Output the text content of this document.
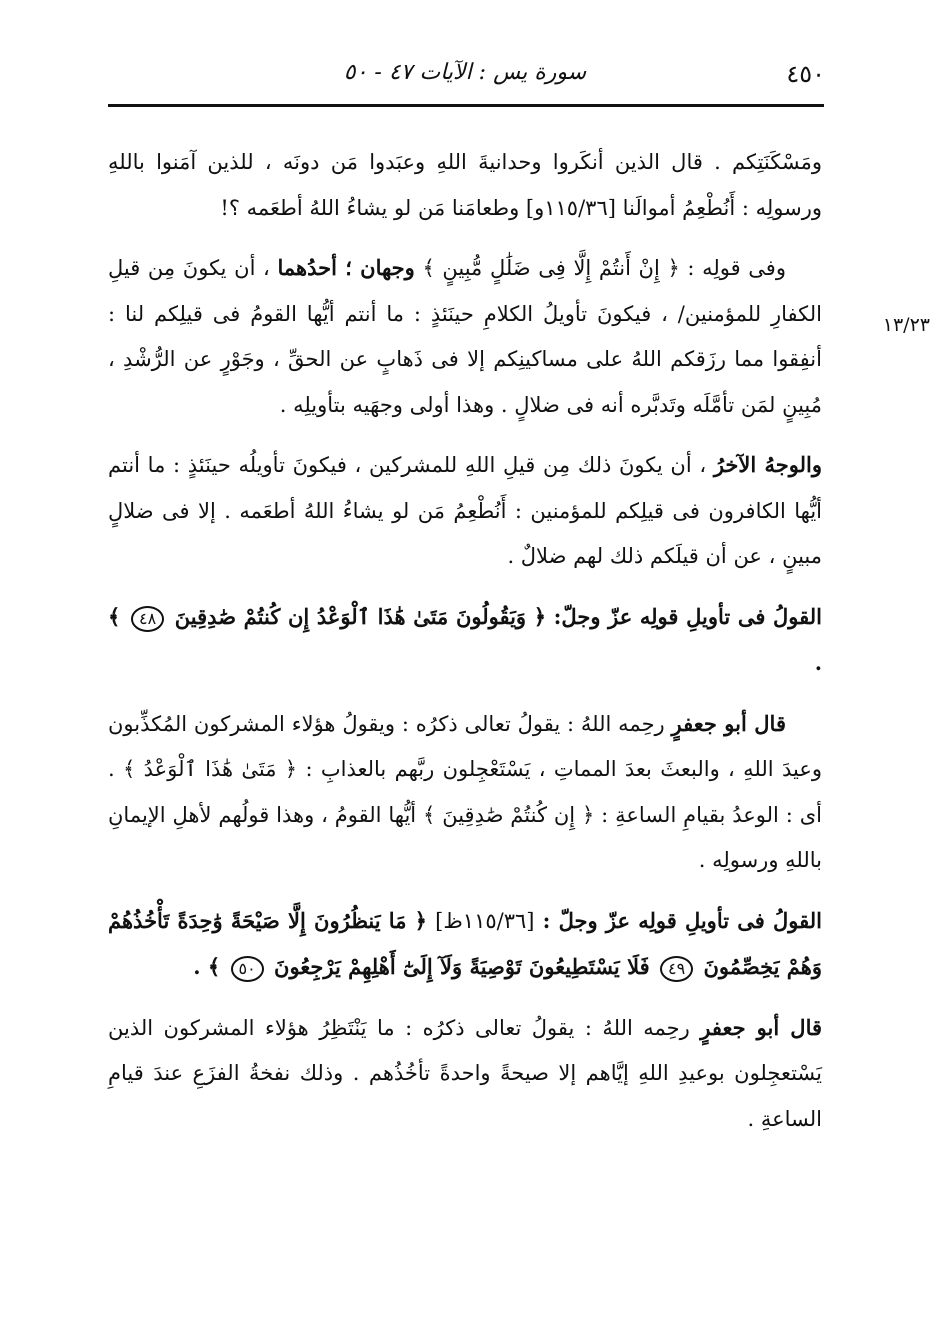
٤٥٠
سورة يس : الآيات ٤٧ - ٥٠
١٣/٢٣

ومَسْكَنَتِكم . قال الذين أنكَروا وحدانيةَ اللهِ وعبَدوا مَن دونَه ، للذين آمَنوا باللهِ ورسولِه : أَنُطْعِمُ أموالَنا [١١٥/٣٦و] وطعامَنا مَن لو يشاءُ اللهُ أطعَمه ؟!

وفى قولِه : ﴿ إِنْ أَنتُمْ إِلَّا فِى ضَلَٰلٍ مُّبِينٍ ﴾ وجهان ؛ أحدُهما ، أن يكونَ مِن قيلِ الكفارِ للمؤمنين/ ، فيكونَ تأويلُ الكلامِ حينَئذٍ : ما أنتم أيُّها القومُ فى قيلِكم لنا : أنفِقوا مما رزَقكم اللهُ على مساكينِكم إلا فى ذَهابٍ عن الحقِّ ، وجَوْرٍ عن الرُّشْدِ ، مُبِينٍ لمَن تأمَّلَه وتَدبَّره أنه فى ضلالٍ . وهذا أولى وجهَيه بتأويلِه .

والوجهُ الآخرُ ، أن يكونَ ذلك مِن قيلِ اللهِ للمشركين ، فيكونَ تأويلُه حينَئذٍ : ما أنتم أيُّها الكافرون فى قيلِكم للمؤمنين : أَنُطْعِمُ مَن لو يشاءُ اللهُ أطعَمه . إلا فى ضلالٍ مبينٍ ، عن أن قيلَكم ذلك لهم ضلالٌ .

القولُ فى تأويلِ قولِه عزّ وجلّ: ﴿ وَيَقُولُونَ مَتَىٰ هَٰذَا ٱلْوَعْدُ إِن كُنتُمْ صَٰدِقِينَ ٤٨ ﴾ .

قال أبو جعفرٍ رحِمه اللهُ : يقولُ تعالى ذكرُه : ويقولُ هؤلاء المشركون المُكذِّبون وعيدَ اللهِ ، والبعثَ بعدَ المماتِ ، يَسْتَعْجِلون ربَّهم بالعذابِ : ﴿ مَتَىٰ هَٰذَا ٱلْوَعْدُ ﴾ . أى : الوعدُ بقيامِ الساعةِ : ﴿ إِن كُنتُمْ صَٰدِقِينَ ﴾ أيُّها القومُ ، وهذا قولُهم لأهلِ الإيمانِ باللهِ ورسولِه .

القولُ فى تأويلِ قولِه عزّ وجلّ : [١١٥/٣٦ظ] ﴿ مَا يَنظُرُونَ إِلَّا صَيْحَةً وَٰحِدَةً تَأْخُذُهُمْ وَهُمْ يَخِصِّمُونَ ٤٩ فَلَا يَسْتَطِيعُونَ تَوْصِيَةً وَلَآ إِلَىٰٓ أَهْلِهِمْ يَرْجِعُونَ ٥٠ ﴾ .

قال أبو جعفرٍ رحِمه اللهُ : يقولُ تعالى ذكرُه : ما يَنْتَظِرُ هؤلاء المشركون الذين يَسْتعجِلون بوعيدِ اللهِ إيَّاهم إلا صيحةً واحدةً تأخُذُهم . وذلك نفخةُ الفزَعِ عندَ قيامِ الساعةِ .
